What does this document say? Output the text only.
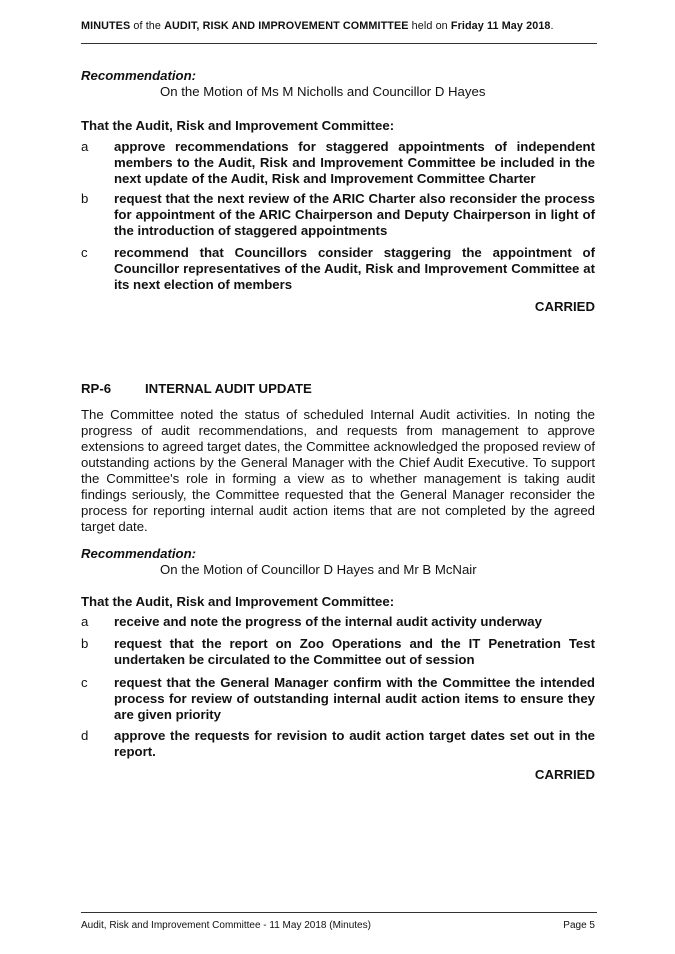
MINUTES of the AUDIT, RISK AND IMPROVEMENT COMMITTEE held on Friday 11 May 2018.
Recommendation:
On the Motion of Ms M Nicholls and Councillor D Hayes
That the Audit, Risk and Improvement Committee:
a	approve recommendations for staggered appointments of independent members to the Audit, Risk and Improvement Committee be included in the next update of the Audit, Risk and Improvement Committee Charter
b	request that the next review of the ARIC Charter also reconsider the process for appointment of the ARIC Chairperson and Deputy Chairperson in light of the introduction of staggered appointments
c	recommend that Councillors consider staggering the appointment of Councillor representatives of the Audit, Risk and Improvement Committee at its next election of members
CARRIED
RP-6	INTERNAL AUDIT UPDATE
The Committee noted the status of scheduled Internal Audit activities. In noting the progress of audit recommendations, and requests from management to approve extensions to agreed target dates, the Committee acknowledged the proposed review of outstanding actions by the General Manager with the Chief Audit Executive. To support the Committee's role in forming a view as to whether management is taking audit findings seriously, the Committee requested that the General Manager reconsider the process for reporting internal audit action items that are not completed by the agreed target date.
Recommendation:
On the Motion of Councillor D Hayes and Mr B McNair
That the Audit, Risk and Improvement Committee:
a	receive and note the progress of the internal audit activity underway
b	request that the report on Zoo Operations and the IT Penetration Test undertaken be circulated to the Committee out of session
c	request that the General Manager confirm with the Committee the intended process for review of outstanding internal audit action items to ensure they are given priority
d	approve the requests for revision to audit action target dates set out in the report.
CARRIED
Audit, Risk and Improvement Committee - 11 May 2018 (Minutes)	Page 5
